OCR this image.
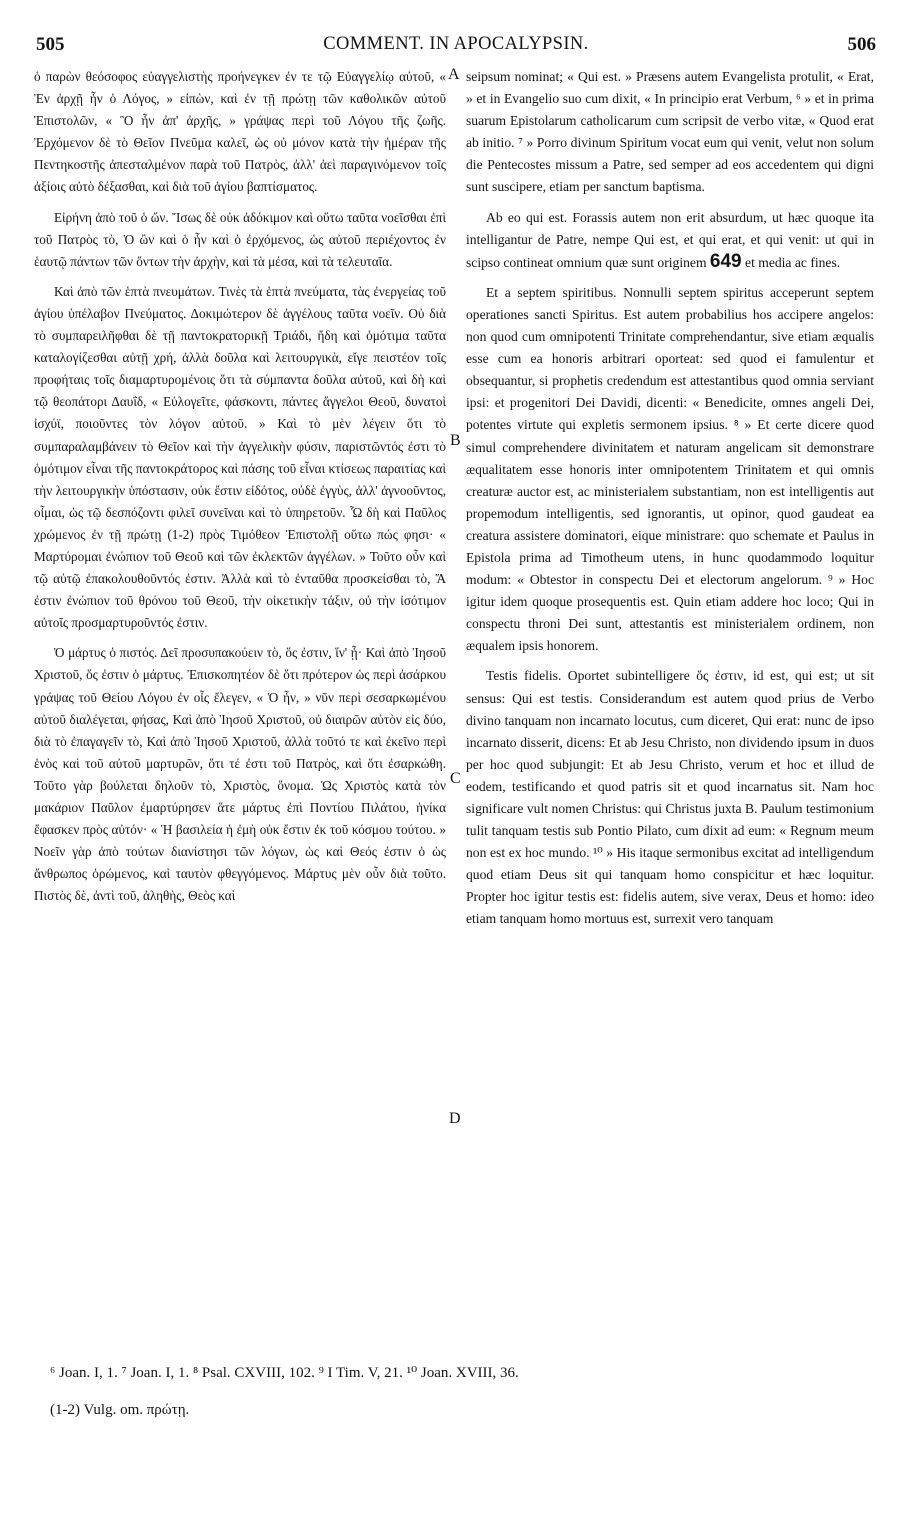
505	COMMENT. IN APOCALYPSIN.	506

ὁ παρὼν θεόσοφος εὐαγγελιστὴς προήνεγκεν ἐν τε τῷ Εὐαγγελίῳ αὐτοῦ, « Ἐν ἀρχῇ ἦν ὁ Λόγος, » εἰπὼν, καὶ ἐν τῇ πρώτῃ τῶν καθολικῶν αὐτοῦ Ἐπιστολῶν, « Ὃ ἦν ἀπ' ἀρχῆς, » γράψας περὶ τοῦ Λόγου τῆς ζωῆς. Ἐρχόμενον δὲ τὸ Θεῖον Πνεῦμα καλεῖ, ὡς οὐ μόνον κατὰ τὴν ἡμέραν τῆς Πεντηκοστῆς ἀπεσταλμένον παρὰ τοῦ Πατρὸς, ἀλλ' ἀεὶ παραγινόμενον τοῖς ἀξίοις αὐτὸ δέξασθαι, καὶ διὰ τοῦ ἁγίου βαπτίσματος.

Εἰρήνη ἀπὸ τοῦ ὁ ὤν. Ἴσως δὲ οὐκ ἀδόκιμον καὶ οὕτω ταῦτα νοεῖσθαι ἐπὶ τοῦ Πατρὸς τὸ, Ὁ ὢν καὶ ὁ ἦν καὶ ὁ ἐρχόμενος, ὡς αὐτοῦ περιέχοντος ἐν ἑαυτῷ πάντων τῶν ὄντων τὴν ἀρχὴν, καὶ τὰ μέσα, καὶ τὰ τελευταῖα.

Καὶ ἀπὸ τῶν ἑπτὰ πνευμάτων. Τινὲς τὰ ἑπτὰ πνεύματα, τὰς ἐνεργείας τοῦ ἁγίου ὑπέλαβον Πνεύματος. Δοκιμώτερον δὲ ἀγγέλους ταῦτα νοεῖν. Οὐ διὰ τὸ συμπαρειλῆφθαι δὲ τῇ παντοκρατορικῇ Τριάδι, ἤδη καὶ ὁμότιμα ταῦτα καταλογίζεσθαι αὐτῇ χρή, ἀλλὰ δοῦλα καὶ λειτουργικὰ, εἴγε πειστέον τοῖς προφήταις τοῖς διαμαρτυρομένοις ὅτι τὰ σύμπαντα δοῦλα αὐτοῦ, καὶ δὴ καὶ τῷ θεοπάτορι Δαυΐδ, « Εὐλογεῖτε, φάσκοντι, πάντες ἄγγελοι Θεοῦ, δυνατοὶ ἰσχύϊ, ποιοῦντες τὸν λόγον αὐτοῦ. » Καὶ τὸ μὲν λέγειν ὅτι τὸ συμπαραλαμβάνειν τὸ Θεῖον καὶ τὴν ἀγγελικὴν φύσιν, παριστῶντός ἐστι τὸ ὁμότιμον εἶναι τῆς παντοκράτορος καὶ πάσης τοῦ εἶναι κτίσεως παραιτίας καὶ τὴν λειτουργικὴν ὑπόστασιν, οὐκ ἔστιν εἰδότος, οὐδὲ ἐγγὺς, ἀλλ' ἀγνοοῦντος, οἶμαι, ὡς τῷ δεσπόζοντι φιλεῖ συνεῖναι καὶ τὸ ὑπηρετοῦν. Ὧ δὴ καὶ Παῦλος χρώμενος ἐν τῇ πρώτῃ (1-2) πρὸς Τιμόθεον Ἐπιστολῇ οὕτω πώς φησι· « Μαρτύρομαι ἐνώπιον τοῦ Θεοῦ καὶ τῶν ἐκλεκτῶν ἀγγέλων. » Τοῦτο οὖν καὶ τῷ αὐτῷ ἐπακολουθοῦντός ἐστιν. Ἀλλὰ καὶ τὸ ἐνταῦθα προσκείσθαι τὸ, Ἅ ἐστιν ἐνώπιον τοῦ θρόνου τοῦ Θεοῦ, τὴν οἰκετικὴν τάξιν, οὐ τὴν ἰσότιμον αὐτοῖς προσμαρτυροῦντός ἐστιν.

Ὁ μάρτυς ὁ πιστός. Δεῖ προσυπακούειν τὸ, ὅς ἐστιν, ἵν' ᾖ· Καὶ ἀπὸ Ἰησοῦ Χριστοῦ, ὅς ἐστιν ὁ μάρτυς. Ἐπισκοπητέον δὲ ὅτι πρότερον ὡς περὶ ἀσάρκου γράψας τοῦ Θείου Λόγου ἐν οἷς ἔλεγεν, « Ὁ ἦν, » νῦν περὶ σεσαρκωμένου αὐτοῦ διαλέγεται, φήσας, Καὶ ἀπὸ Ἰησοῦ Χριστοῦ, οὐ διαιρῶν αὐτὸν εἰς δύο, διὰ τὸ ἐπαγαγεῖν τὸ, Καὶ ἀπὸ Ἰησοῦ Χριστοῦ, ἀλλὰ τοῦτό τε καὶ ἐκεῖνο περὶ ἑνὸς καὶ τοῦ αὐτοῦ μαρτυρῶν, ὅτι τέ ἐστι τοῦ Πατρὸς, καὶ ὅτι ἐσαρκώθη. Τοῦτο γὰρ βούλεται δηλοῦν τὸ, Χριστὸς, ὄνομα. Ὡς Χριστὸς κατὰ τὸν μακάριον Παῦλον ἐμαρτύρησεν ἅτε μάρτυς ἐπὶ Ποντίου Πιλάτου, ἡνίκα ἔφασκεν πρὸς αὐτόν· « Ἡ βασιλεία ἡ ἐμὴ οὐκ ἔστιν ἐκ τοῦ κόσμου τούτου. » Νοεῖν γὰρ ἀπὸ τούτων διανίστησι τῶν λόγων, ὡς καὶ Θεός ἐστιν ὁ ὡς ἄνθρωπος ὁρώμενος, καὶ ταυτὸν φθεγγόμενος. Μάρτυς μὲν οὖν διὰ τοῦτο. Πιστὸς δὲ, ἀντὶ τοῦ, ἀληθὴς, Θεὸς καὶ

A
B
C
D

seipsum nominat; « Qui est. » Præsens autem Evangelista protulit, « Erat, » et in Evangelio suo cum dixit, « In principio erat Verbum, ⁶ » et in prima suarum Epistolarum catholicarum cum scripsit de verbo vitæ, « Quod erat ab initio. ⁷ » Porro divinum Spiritum vocat eum qui venit, velut non solum die Pentecostes missum a Patre, sed semper ad eos accedentem qui digni sunt suscipere, etiam per sanctum baptisma.

Ab eo qui est. Forassis autem non erit absurdum, ut hæc quoque ita intelligantur de Patre, nempe Qui est, et qui erat, et qui venit: ut qui in scipso contineat omnium quæ sunt originem 649 et media ac fines.

Et a septem spiritibus. Nonnulli septem spiritus acceperunt septem operationes sancti Spiritus. Est autem probabilius hos accipere angelos: non quod cum omnipotenti Trinitate comprehendantur, sive etiam æqualis esse cum ea honoris arbitrari oporteat: sed quod ei famulentur et obsequantur, si prophetis credendum est attestantibus quod omnia serviant ipsi: et progenitori Dei Davidi, dicenti: « Benedicite, omnes angeli Dei, potentes virtute qui expletis sermonem ipsius. ⁸ » Et certe dicere quod simul comprehendere divinitatem et naturam angelicam sit demonstrare æqualitatem esse honoris inter omnipotentem Trinitatem et qui omnis creaturæ auctor est, ac ministerialem substantiam, non est intelligentis aut propemodum intelligentis, sed ignorantis, ut opinor, quod gaudeat ea creatura assistere dominatori, eique ministrare: quo schemate et Paulus in Epistola prima ad Timotheum utens, in hunc quodammodo loquitur modum: « Obtestor in conspectu Dei et electorum angelorum. ⁹ » Hoc igitur idem quoque prosequentis est. Quin etiam addere hoc loco; Qui in conspectu throni Dei sunt, attestantis est ministerialem ordinem, non æqualem ipsis honorem.

Testis fidelis. Oportet subintelligere ὅς ἐστιν, id est, qui est; ut sit sensus: Qui est testis. Considerandum est autem quod prius de Verbo divino tanquam non incarnato locutus, cum diceret, Qui erat: nunc de ipso incarnato disserit, dicens: Et ab Jesu Christo, non dividendo ipsum in duos per hoc quod subjungit: Et ab Jesu Christo, verum et hoc et illud de eodem, testificando et quod patris sit et quod incarnatus sit. Nam hoc significare vult nomen Christus: qui Christus juxta B. Paulum testimonium tulit tanquam testis sub Pontio Pilato, cum dixit ad eum: « Regnum meum non est ex hoc mundo. ¹⁰ » His itaque sermonibus excitat ad intelligendum quod etiam Deus sit qui tanquam homo conspicitur et hæc loquitur. Propter hoc igitur testis est: fidelis autem, sive verax, Deus et homo: ideo etiam tanquam homo mortuus est, surrexit vero tanquam

⁶ Joan. I, 1. ⁷ Joan. I, 1. ⁸ Psal. CXVIII, 102. ⁹ I Tim. V, 21. ¹⁰ Joan. XVIII, 36.
(1-2) Vulg. om. πρώτῃ.
